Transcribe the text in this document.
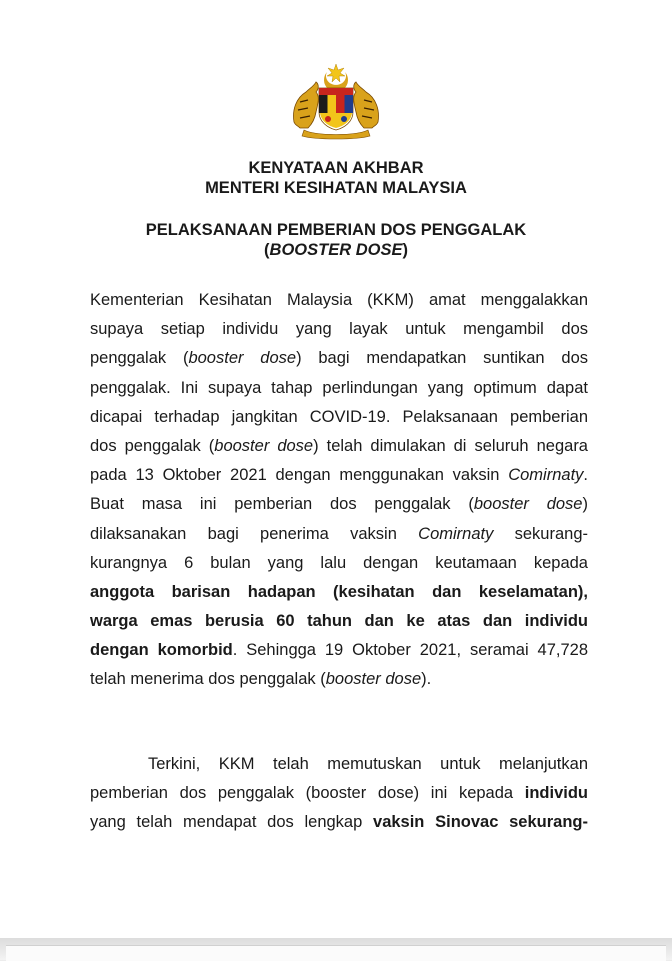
KENYATAAN AKHBAR
MENTERI KESIHATAN MALAYSIA
PELAKSANAAN PEMBERIAN DOS PENGGALAK
(BOOSTER DOSE)
Kementerian Kesihatan Malaysia (KKM) amat menggalakkan
supaya setiap individu yang layak untuk mengambil dos
penggalak (booster dose) bagi mendapatkan suntikan dos
penggalak. Ini supaya tahap perlindungan yang optimum dapat
dicapai terhadap jangkitan COVID-19. Pelaksanaan pemberian
dos penggalak (booster dose) telah dimulakan di seluruh negara
pada 13 Oktober 2021 dengan menggunakan vaksin Comirnaty.
Buat masa ini pemberian dos penggalak (booster dose)
dilaksanakan bagi penerima vaksin Comirnaty sekurang-
kurangnya 6 bulan yang lalu dengan keutamaan kepada
anggota barisan hadapan (kesihatan dan keselamatan),
warga emas berusia 60 tahun dan ke atas dan individu
dengan komorbid. Sehingga 19 Oktober 2021, seramai 47,728
telah menerima dos penggalak (booster dose).
Terkini, KKM telah memutuskan untuk melanjutkan
pemberian dos penggalak (booster dose) ini kepada individu
yang telah mendapat dos lengkap vaksin Sinovac sekurang-
